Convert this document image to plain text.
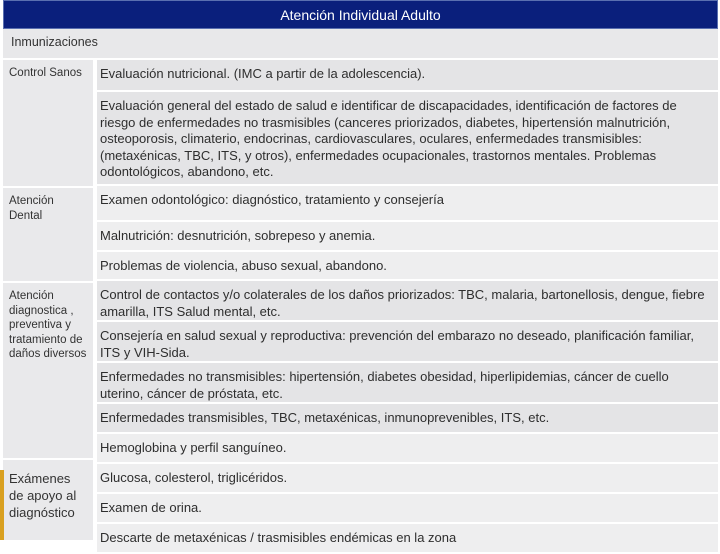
Atención Individual Adulto
Inmunizaciones
Control Sanos
Atención Dental
Atención diagnostica , preventiva y tratamiento de daños diversos
Exámenes de apoyo al diagnóstico
Evaluación nutricional. (IMC a partir de la adolescencia).
Evaluación general del estado de salud e identificar de discapacidades, identificación de factores de riesgo de enfermedades no trasmisibles (canceres priorizados, diabetes, hipertensión malnutrición, osteoporosis, climaterio, endocrinas, cardiovasculares, oculares, enfermedades transmisibles: (metaxénicas, TBC, ITS, y otros), enfermedades ocupacionales, trastornos mentales. Problemas odontológicos, abandono, etc.
Examen odontológico: diagnóstico, tratamiento y consejería
Malnutrición: desnutrición, sobrepeso y anemia.
Problemas de violencia, abuso sexual, abandono.
Control de contactos y/o colaterales de los daños priorizados: TBC, malaria, bartonellosis, dengue, fiebre amarilla, ITS Salud mental, etc.
Consejería en salud sexual y reproductiva: prevención del embarazo no deseado, planificación familiar, ITS y VIH-Sida.
Enfermedades no transmisibles: hipertensión, diabetes obesidad, hiperlipidemias, cáncer de cuello uterino, cáncer de próstata, etc.
Enfermedades transmisibles, TBC, metaxénicas, inmunoprevenibles, ITS, etc.
Hemoglobina y perfil sanguíneo.
Glucosa, colesterol, triglicéridos.
Examen de orina.
Descarte de metaxénicas / trasmisibles endémicas en la zona
